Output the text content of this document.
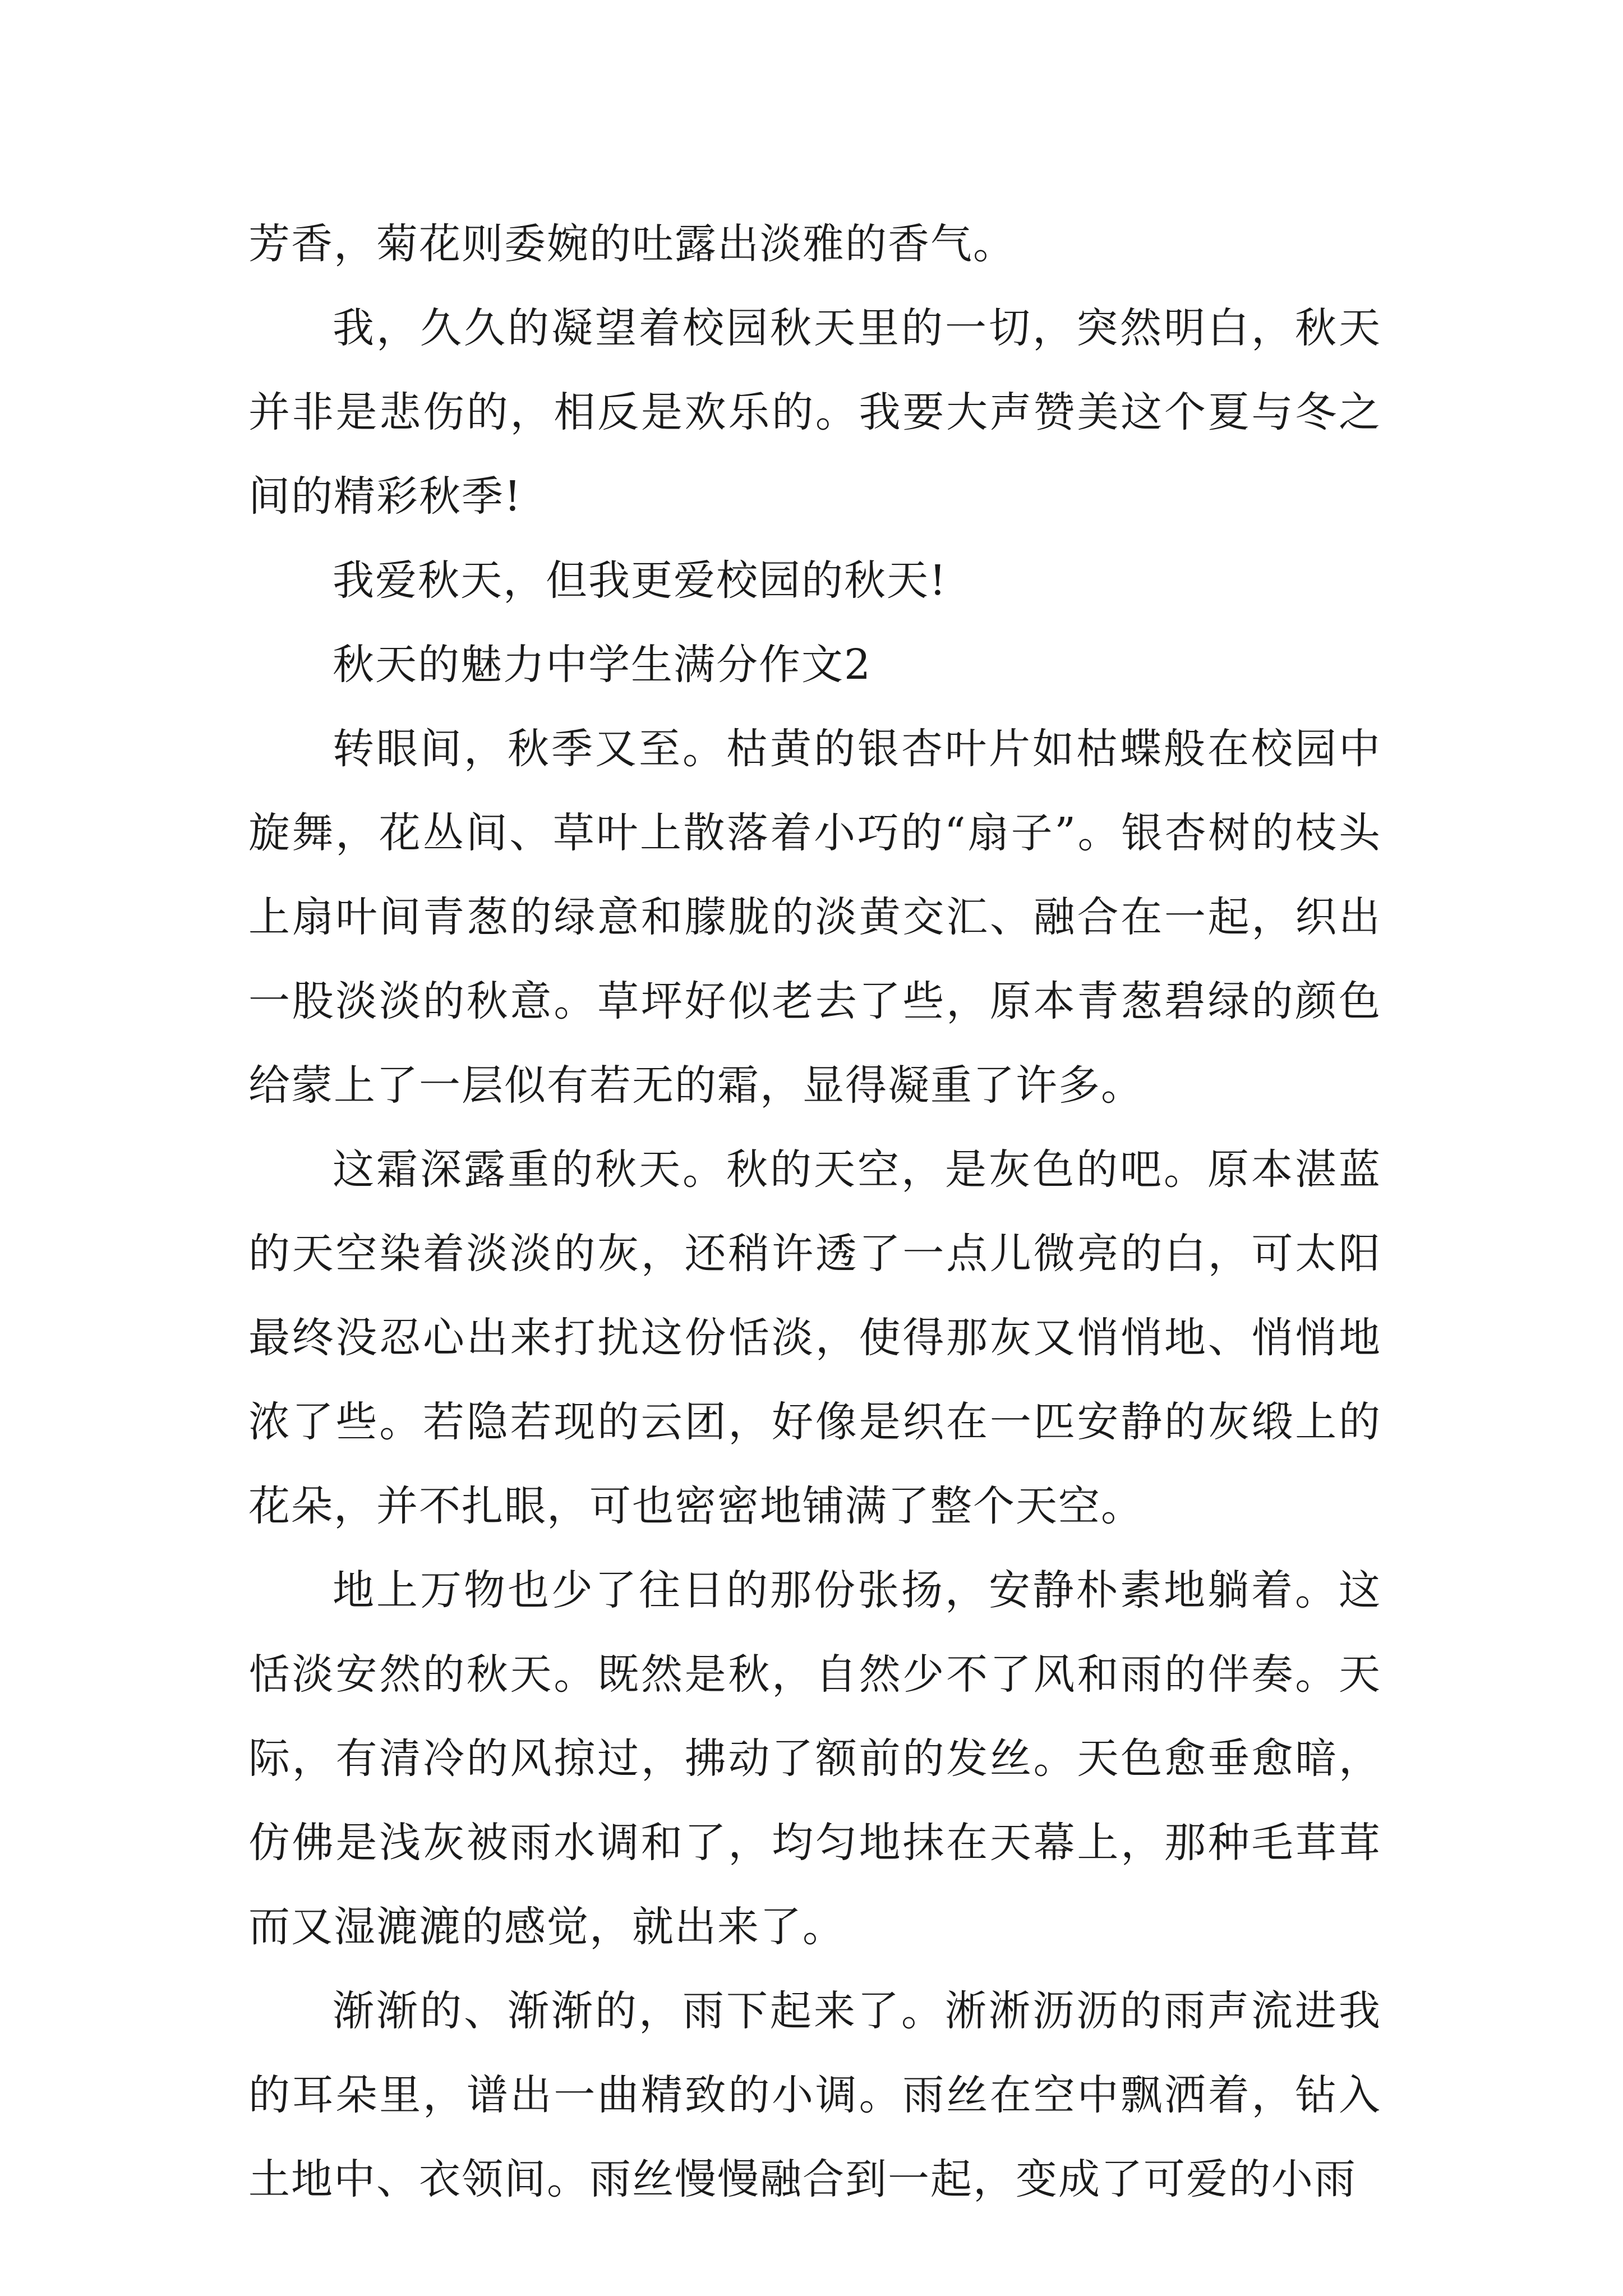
芳香，菊花则委婉的吐露出淡雅的香气。

我，久久的凝望着校园秋天里的一切，突然明白，秋天并非是悲伤的，相反是欢乐的。我要大声赞美这个夏与冬之间的精彩秋季!

我爱秋天，但我更爱校园的秋天!

秋天的魅力中学生满分作文2

转眼间，秋季又至。枯黄的银杏叶片如枯蝶般在校园中旋舞，花丛间、草叶上散落着小巧的“扇子”。银杏树的枝头上扇叶间青葱的绿意和朦胧的淡黄交汇、融合在一起，织出一股淡淡的秋意。草坪好似老去了些，原本青葱碧绿的颜色给蒙上了一层似有若无的霜，显得凝重了许多。

这霜深露重的秋天。秋的天空，是灰色的吧。原本湛蓝的天空染着淡淡的灰，还稍许透了一点儿微亮的白，可太阳最终没忍心出来打扰这份恬淡，使得那灰又悄悄地、悄悄地浓了些。若隐若现的云团，好像是织在一匹安静的灰缎上的花朵，并不扎眼，可也密密地铺满了整个天空。

地上万物也少了往日的那份张扬，安静朴素地躺着。这恬淡安然的秋天。既然是秋，自然少不了风和雨的伴奏。天际，有清冷的风掠过，拂动了额前的发丝。天色愈垂愈暗，仿佛是浅灰被雨水调和了，均匀地抹在天幕上，那种毛茸茸而又湿漉漉的感觉，就出来了。

渐渐的、渐渐的，雨下起来了。淅淅沥沥的雨声流进我的耳朵里，谱出一曲精致的小调。雨丝在空中飘洒着，钻入土地中、衣领间。雨丝慢慢融合到一起，变成了可爱的小雨
